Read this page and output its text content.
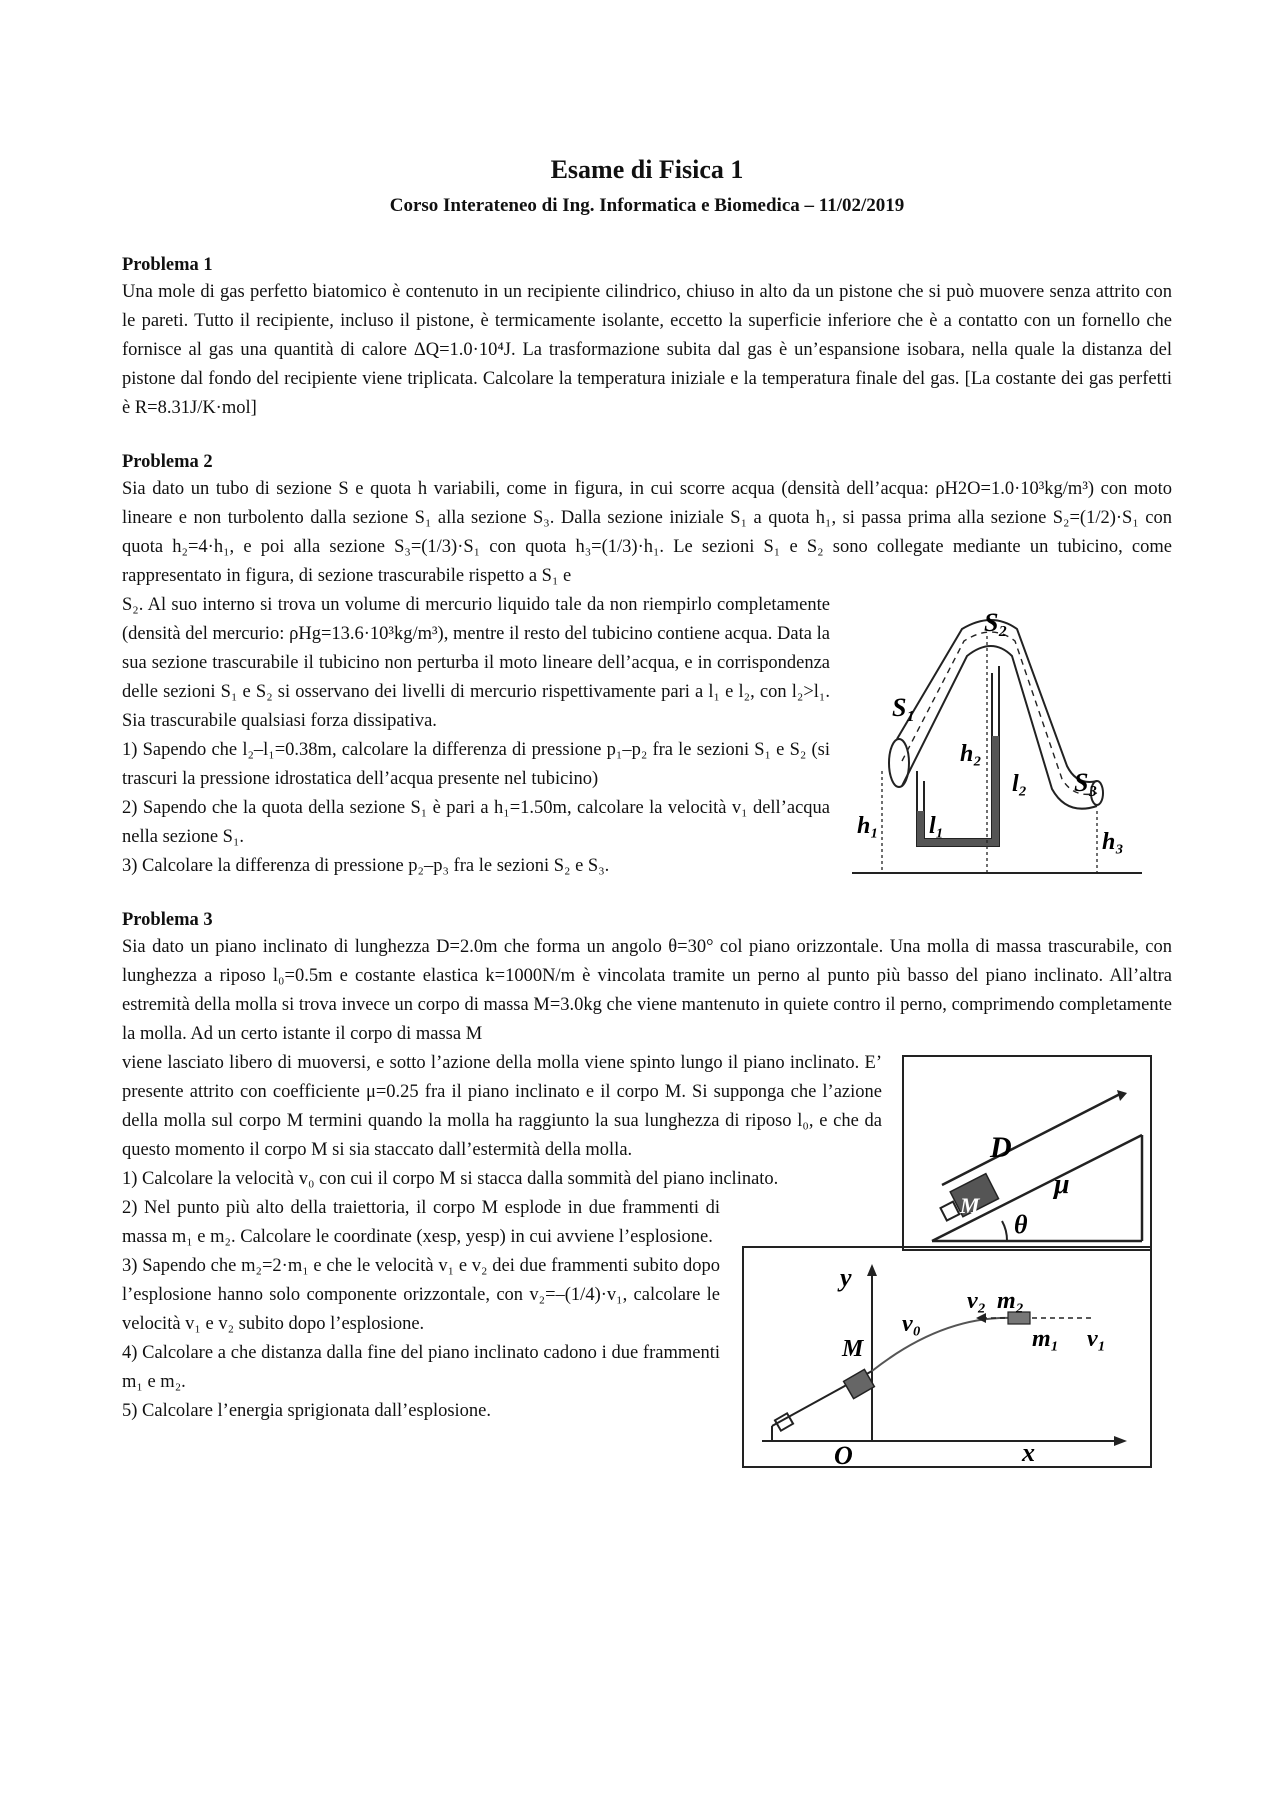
Esame di Fisica 1
Corso Interateneo di Ing. Informatica e Biomedica – 11/02/2019
Problema 1

Una mole di gas perfetto biatomico è contenuto in un recipiente cilindrico, chiuso in alto da un pistone che si può muovere senza attrito con le pareti. Tutto il recipiente, incluso il pistone, è termicamente isolante, eccetto la superficie inferiore che è a contatto con un fornello che fornisce al gas una quantità di calore ΔQ=1.0·10⁴J. La trasformazione subita dal gas è un’espansione isobara, nella quale la distanza del pistone dal fondo del recipiente viene triplicata. Calcolare la temperatura iniziale e la temperatura finale del gas. [La costante dei gas perfetti è R=8.31J/K·mol]

Problema 2

Sia dato un tubo di sezione S e quota h variabili, come in figura, in cui scorre acqua (densità dell’acqua: ρH2O=1.0·10³kg/m³) con moto lineare e non turbolento dalla sezione S₁ alla sezione S₃. Dalla sezione iniziale S₁ a quota h₁, si passa prima alla sezione S₂=(1/2)·S₁ con quota h₂=4·h₁, e poi alla sezione S₃=(1/3)·S₁ con quota h₃=(1/3)·h₁. Le sezioni S₁ e S₂ sono collegate mediante un tubicino, come rappresentato in figura, di sezione trascurabile rispetto a S₁ e

S₂. Al suo interno si trova un volume di mercurio liquido tale da non riempirlo completamente (densità del mercurio: ρHg=13.6·10³kg/m³), mentre il resto del tubicino contiene acqua. Data la sua sezione trascurabile il tubicino non perturba il moto lineare dell’acqua, e in corrispondenza delle sezioni S₁ e S₂ si osservano dei livelli di mercurio rispettivamente pari a l₁ e l₂, con l₂>l₁. Sia trascurabile qualsiasi forza dissipativa.

1) Sapendo che l₂–l₁=0.38m, calcolare la differenza di pressione p₁–p₂ fra le sezioni S₁ e S₂ (si trascuri la pressione idrostatica dell’acqua presente nel tubicino)

2) Sapendo che la quota della sezione S₁ è pari a h₁=1.50m, calcolare la velocità v₁ dell’acqua nella sezione S₁.

3) Calcolare la differenza di pressione p₂–p₃ fra le sezioni S₂ e S₃.

S₁
S₂
S₃
h₁
h₂
h₃
l₁
l₂
Problema 3

Sia dato un piano inclinato di lunghezza D=2.0m che forma un angolo θ=30° col piano orizzontale. Una molla di massa trascurabile, con lunghezza a riposo l₀=0.5m e costante elastica k=1000N/m è vincolata tramite un perno al punto più basso del piano inclinato. All’altra estremità della molla si trova invece un corpo di massa M=3.0kg che viene mantenuto in quiete contro il perno, comprimendo completamente la molla. Ad un certo istante il corpo di massa M

viene lasciato libero di muoversi, e sotto l’azione della molla viene spinto lungo il piano inclinato. E’ presente attrito con coefficiente μ=0.25 fra il piano inclinato e il corpo M. Si supponga che l’azione della molla sul corpo M termini quando la molla ha raggiunto la sua lunghezza di riposo l₀, e che da questo momento il corpo M si sia staccato dall’estermità della molla.

1) Calcolare la velocità v₀ con cui il corpo M si stacca dalla sommità del piano inclinato.

2) Nel punto più alto della traiettoria, il corpo M esplode in due frammenti di massa m₁ e m₂. Calcolare le coordinate (xesp, yesp) in cui avviene l’esplosione.

3) Sapendo che m₂=2·m₁ e che le velocità v₁ e v₂ dei due frammenti subito dopo l’esplosione hanno solo componente orizzontale, con v₂=–(1/4)·v₁, calcolare le velocità v₁ e v₂ subito dopo l’esplosione.

4) Calcolare a che distanza dalla fine del piano inclinato cadono i due frammenti m₁ e m₂.

5) Calcolare l’energia sprigionata dall’esplosione.

D
M
μ
θ
y
x
O
M
v₀
v₂ m₂
m₁ v₁
